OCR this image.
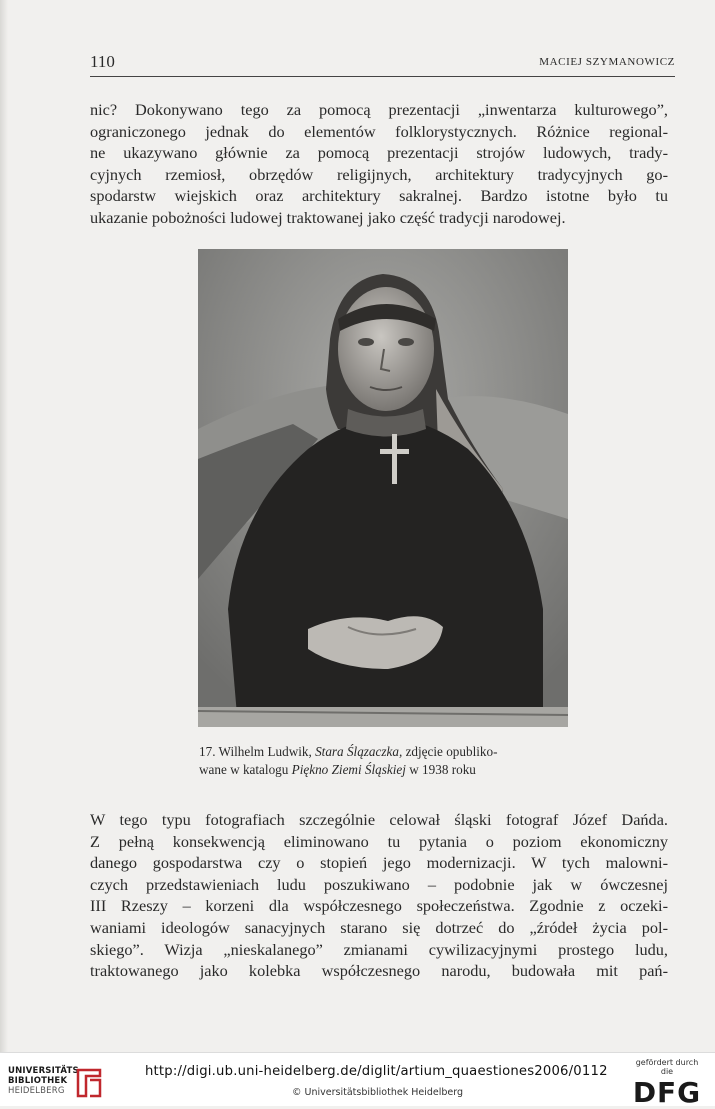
110	MACIEJ SZYMANOWICZ

nic? Dokonywano tego za pomocą prezentacji „inwentarza kulturowego”,
ograniczonego jednak do elementów folklorystycznych. Różnice regional-
ne ukazywano głównie za pomocą prezentacji strojów ludowych, trady-
cyjnych rzemiosł, obrzędów religijnych, architektury tradycyjnych go-
spodarstw wiejskich oraz architektury sakralnej. Bardzo istotne było tu
ukazanie pobożności ludowej traktowanej jako część tradycji narodowej.

17. Wilhelm Ludwik, Stara Ślązaczka, zdjęcie opubliko-
wane w katalogu Piękno Ziemi Śląskiej w 1938 roku

W tego typu fotografiach szczególnie celował śląski fotograf Józef Dańda.
Z pełną konsekwencją eliminowano tu pytania o poziom ekonomiczny
danego gospodarstwa czy o stopień jego modernizacji. W tych malowni-
czych przedstawieniach ludu poszukiwano – podobnie jak w ówczesnej
III Rzeszy – korzeni dla współczesnego społeczeństwa. Zgodnie z oczeki-
waniami ideologów sanacyjnych starano się dotrzeć do „źródeł życia pol-
skiego”. Wizja „nieskalanego” zmianami cywilizacyjnymi prostego ludu,
traktowanego jako kolebka współczesnego narodu, budowała mit pań-

UNIVERSITÄTS-
BIBLIOTHEK
HEIDELBERG
http://digi.ub.uni-heidelberg.de/diglit/artium_quaestiones2006/0112
© Universitätsbibliothek Heidelberg
gefördert durch die
DFG
